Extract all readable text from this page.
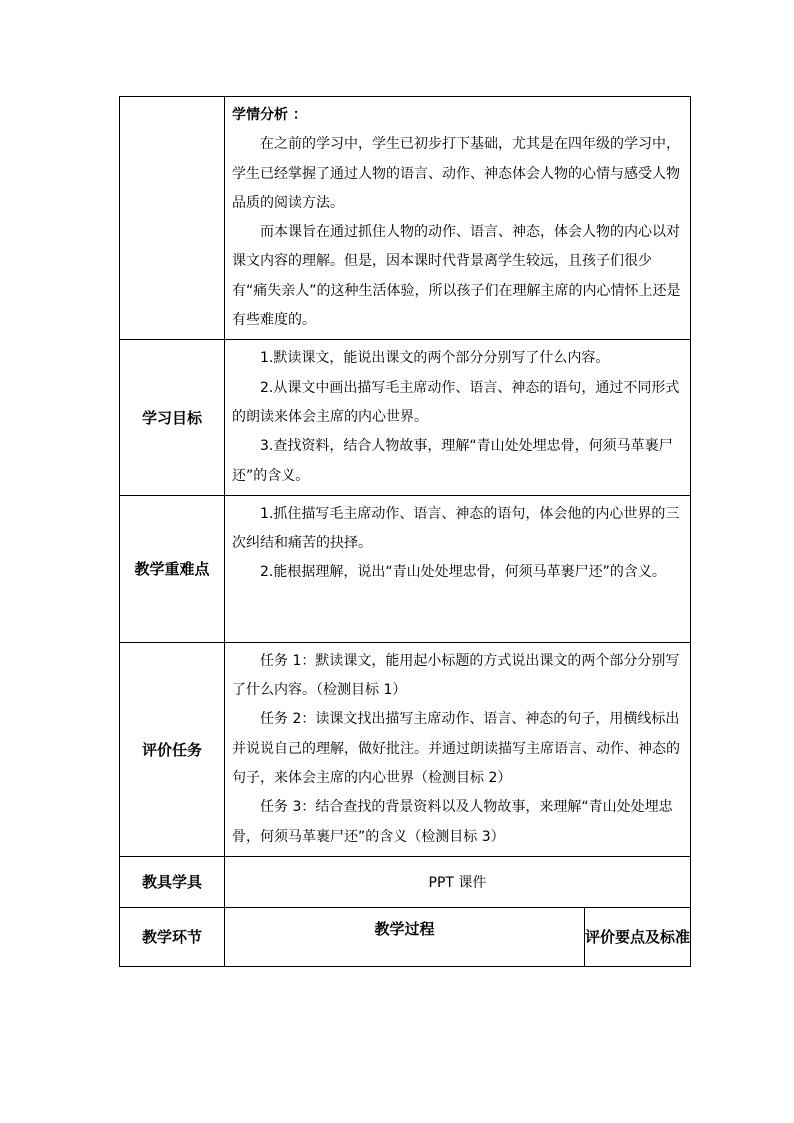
	学情分析 ：

在之前的学习中，学生已初步打下基础，尤其是在四年级的学习中，学生已经掌握了通过人物的语言、动作、神态体会人物的心情与感受人物品质的阅读方法。

而本课旨在通过抓住人物的动作、语言、神态，体会人物的内心以对课文内容的理解。但是，因本课时代背景离学生较远，且孩子们很少有“痛失亲人”的这种生活体验，所以孩子们在理解主席的内心情怀上还是有些难度的。	

学习目标	1.默读课文，能说出课文的两个部分分别写了什么内容。

2.从课文中画出描写毛主席动作、语言、神态的语句，通过不同形式的朗读来体会主席的内心世界。

3.查找资料，结合人物故事，理解“青山处处埋忠骨，何须马革裹尸还”的含义。	

教学重难点	1.抓住描写毛主席动作、语言、神态的语句，体会他的内心世界的三次纠结和痛苦的抉择。

2.能根据理解，说出“青山处处埋忠骨，何须马革裹尸还”的含义。	

评价任务	任务 1：默读课文，能用起小标题的方式说出课文的两个部分分别写了什么内容。（检测目标 1）

任务 2：读课文找出描写主席动作、语言、神态的句子，用横线标出并说说自己的理解，做好批注。并通过朗读描写主席语言、动作、神态的句子，来体会主席的内心世界（检测目标 2）

任务 3：结合查找的背景资料以及人物故事，来理解“青山处处埋忠骨，何须马革裹尸还”的含义（检测目标 3）	

教具学具	PPT 课件	
教学环节	教学过程	评价要点及标准
